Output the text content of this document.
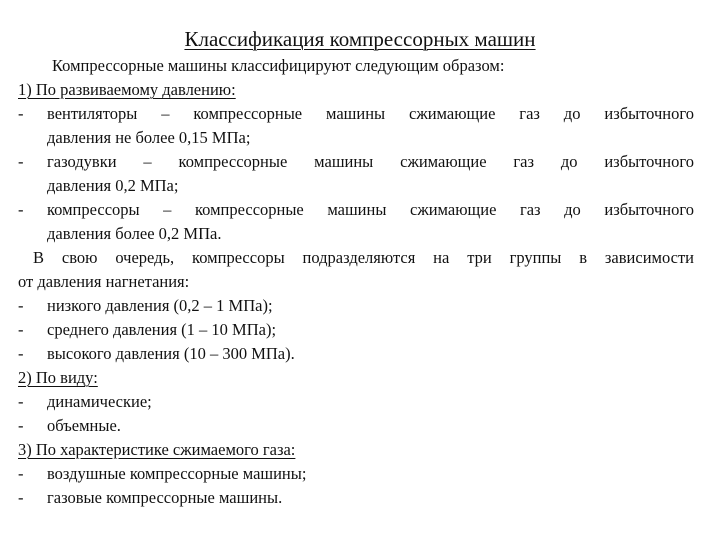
Классификация компрессорных машин

Компрессорные машины классифицируют следующим образом:

1) По развиваемому давлению:

-	вентиляторы – компрессорные машины сжимающие газ до избыточного
давления не более 0,15 МПа;
-	газодувки – компрессорные машины сжимающие газ до избыточного
давления 0,2 МПа;
-	компрессоры – компрессорные машины сжимающие газ до избыточного
давления более 0,2 МПа.

В свою очередь, компрессоры подразделяются на три группы в зависимости

от давления нагнетания:

-	низкого давления (0,2 – 1 МПа);
-	среднего давления (1 – 10 МПа);
-	высокого давления (10 – 300 МПа).

2) По виду:

-	динамические;
-	объемные.

3) По характеристике сжимаемого газа:

-	воздушные компрессорные машины;
-	газовые компрессорные машины.
